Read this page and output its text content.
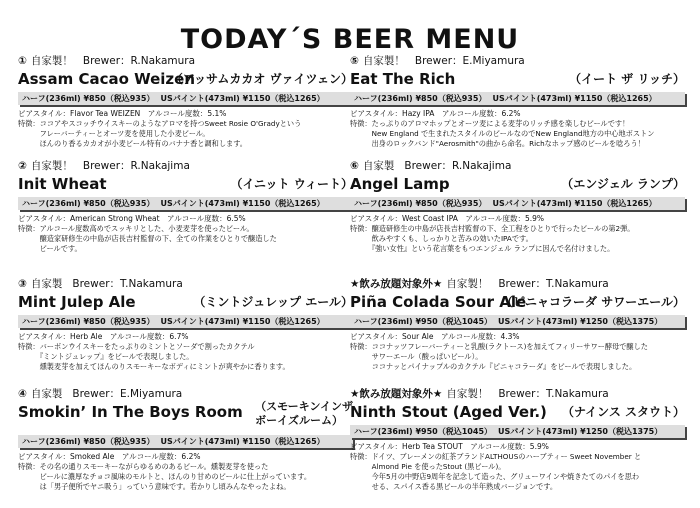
TODAY´S BEER MENU
① 自家製！ Brewer：R.Nakamura
Assam Cacao Weizen
（アッサムカカオ ヴァイツェン）
ハーフ(236ml) ¥850（税込935） USパイント(473ml) ¥1150（税込1265）
ビアスタイル：Flavor Tea WEIZEN　アルコール度数：5.1%
特徴：ココアやスコッチウイスキーのようなアロマを持つSweet Rosie O'Gradyという
　　　フレーバーティーとオーツ麦を使用した小麦ビール。
　　　ほんのり香るカカオが小麦ビール特有のバナナ香と調和します。
② 自家製！ Brewer：R.Nakajima
Init Wheat	（イニット ウィート）
ハーフ(236ml) ¥850（税込935） USパイント(473ml) ¥1150（税込1265）
ビアスタイル：American Strong Wheat　アルコール度数：6.5%
特徴：アルコール度数高めでスッキリとした、小麦麦芽を使ったビール。
　　　醸造家研修生の中島が店長吉村監督の下、全ての作業をひとりで醸造した
　　　ビールです。
③ 自家製 Brewer：T.Nakamura
Mint Julep Ale	（ミントジュレップ エール）
ハーフ(236ml) ¥850（税込935） USパイント(473ml) ¥1150（税込1265）
ビアスタイル：Herb Ale　アルコール度数：6.7%
特徴：バーボンウイスキーをたっぷりのミントとソーダで割ったカクテル
　　　『ミントジュレップ』をビールで表現しました。
　　　燻製麦芽を加えてほんのりスモーキーなボディにミントが爽やかに香ります。
④ 自家製 Brewer：E.Miyamura
Smokin’ In The Boys Room （スモーキンインザ
ボーイズルーム）
ハーフ(236ml) ¥850（税込935） USパイント(473ml) ¥1150（税込1265）
ビアスタイル：Smoked Ale　アルコール度数：6.2%
特徴：その名の通りスモーキーながらゆるめのあるビール。燻製麦芽を使った
　　　ビールに濃厚なチョコ風味のモルトと、ほんのり甘めのビールに仕上がっています。
　　　は「男子便所でヤニ吸う」っていう意味です。若かりし頃みんなやったよね。
⑤ 自家製！ Brewer：E.Miyamura
Eat The Rich	（イート ザ リッチ）
ハーフ(236ml) ¥850（税込935） USパイント(473ml) ¥1150（税込1265）
ビアスタイル：Hazy IPA　アルコール度数：6.2%
特徴：たっぷりのアロマホップとオーツ麦による麦芽のリッチ感を楽しむビールです！
　　　New England で生まれたスタイルのビールなのでNew England地方の中心地ボストン
　　　出身のロックバンド"Aerosmith"の曲から命名。Richなホップ感のビールを唸ろう！
⑥ 自家製 Brewer：R.Nakajima
Angel Lamp	（エンジェル ランプ）
ハーフ(236ml) ¥850（税込935） USパイント(473ml) ¥1150（税込1265）
ビアスタイル：West Coast IPA　アルコール度数：5.9%
特徴：醸造研修生の中島が店長吉村監督の下、全工程をひとりで行ったビールの第2弾。
　　　飲みやすくも、しっかりと苦みの効いたIPAです。
　　　『強い女性』という花言葉をもつエンジェル ランプに因んで名付けました。
★飲み放題対象外★ 自家製！ Brewer：T.Nakamura
Piña Colada Sour Ale
（ピニャコラーダ サワーエール）
ハーフ(236ml) ¥950（税込1045） USパイント(473ml) ¥1250（税込1375）
ビアスタイル：Sour Ale　アルコール度数：4.3%
特徴：ココナッツフレーバーティーと乳酸(ラクトース)を加えてフィリーサワー酵母で醸した
　　　サワーエール（酸っぱいビール）。
　　　ココナッとパイナップルのカクテル『ピニャコラーダ』をビールで表現しました。
★飲み放題対象外★ 自家製！ Brewer：T.Nakamura
Ninth Stout (Aged Ver.) （ナインス スタウト）
ハーフ(236ml) ¥950（税込1045） USパイント(473ml) ¥1250（税込1375）
ビアスタイル：Herb Tea STOUT　アルコール度数：5.9%
特徴：ドイツ、ブレーメンの紅茶ブランドALTHOUSのハーブティー Sweet November と
　　　Almond Pie を使ったStout (黒ビール)。
　　　今年5月の中野店9周年を記念して造った、グリューワインや焼きたてのパイを思わ
　　　せる、スパイス香る黒ビールの半年熟成バージョンです。
